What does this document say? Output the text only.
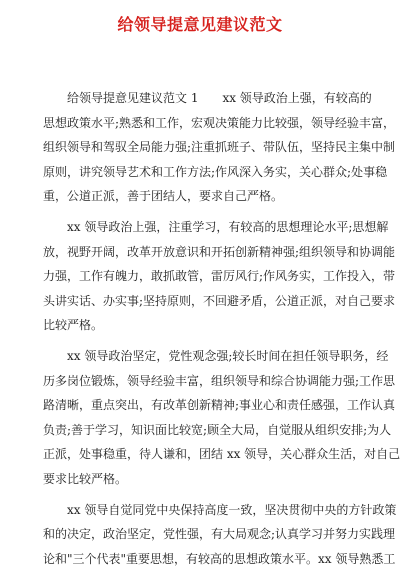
给领导提意见建议范文

给领导提意见建议范文 1　　xx 领导政治上强，有较高的
思想政策水平;熟悉和工作，宏观决策能力比较强，领导经验丰富，
组织领导和驾驭全局能力强;注重抓班子、带队伍，坚持民主集中制
原则，讲究领导艺术和工作方法;作风深入务实，关心群众;处事稳
重，公道正派，善于团结人，要求自己严格。

xx 领导政治上强，注重学习，有较高的思想理论水平;思想解
放，视野开阔，改革开放意识和开拓创新精神强;组织领导和协调能
力强，工作有魄力，敢抓敢管，雷厉风行;作风务实，工作投入，带
头讲实话、办实事;坚持原则，不回避矛盾，公道正派，对自己要求
比较严格。

xx 领导政治坚定，党性观念强;较长时间在担任领导职务，经
历多岗位锻炼，领导经验丰富，组织领导和综合协调能力强;工作思
路清晰，重点突出，有改革创新精神;事业心和责任感强，工作认真
负责;善于学习，知识面比较宽;顾全大局，自觉服从组织安排;为人
正派，处事稳重，待人谦和，团结 xx 领导，关心群众生活，对自己
要求比较严格。

xx 领导自觉同党中央保持高度一致，坚决贯彻中央的方针政策
和的决定，政治坚定，党性强，有大局观念;认真学习并努力实践理
论和"三个代表"重要思想，有较高的思想政策水平。xx 领导熟悉工
